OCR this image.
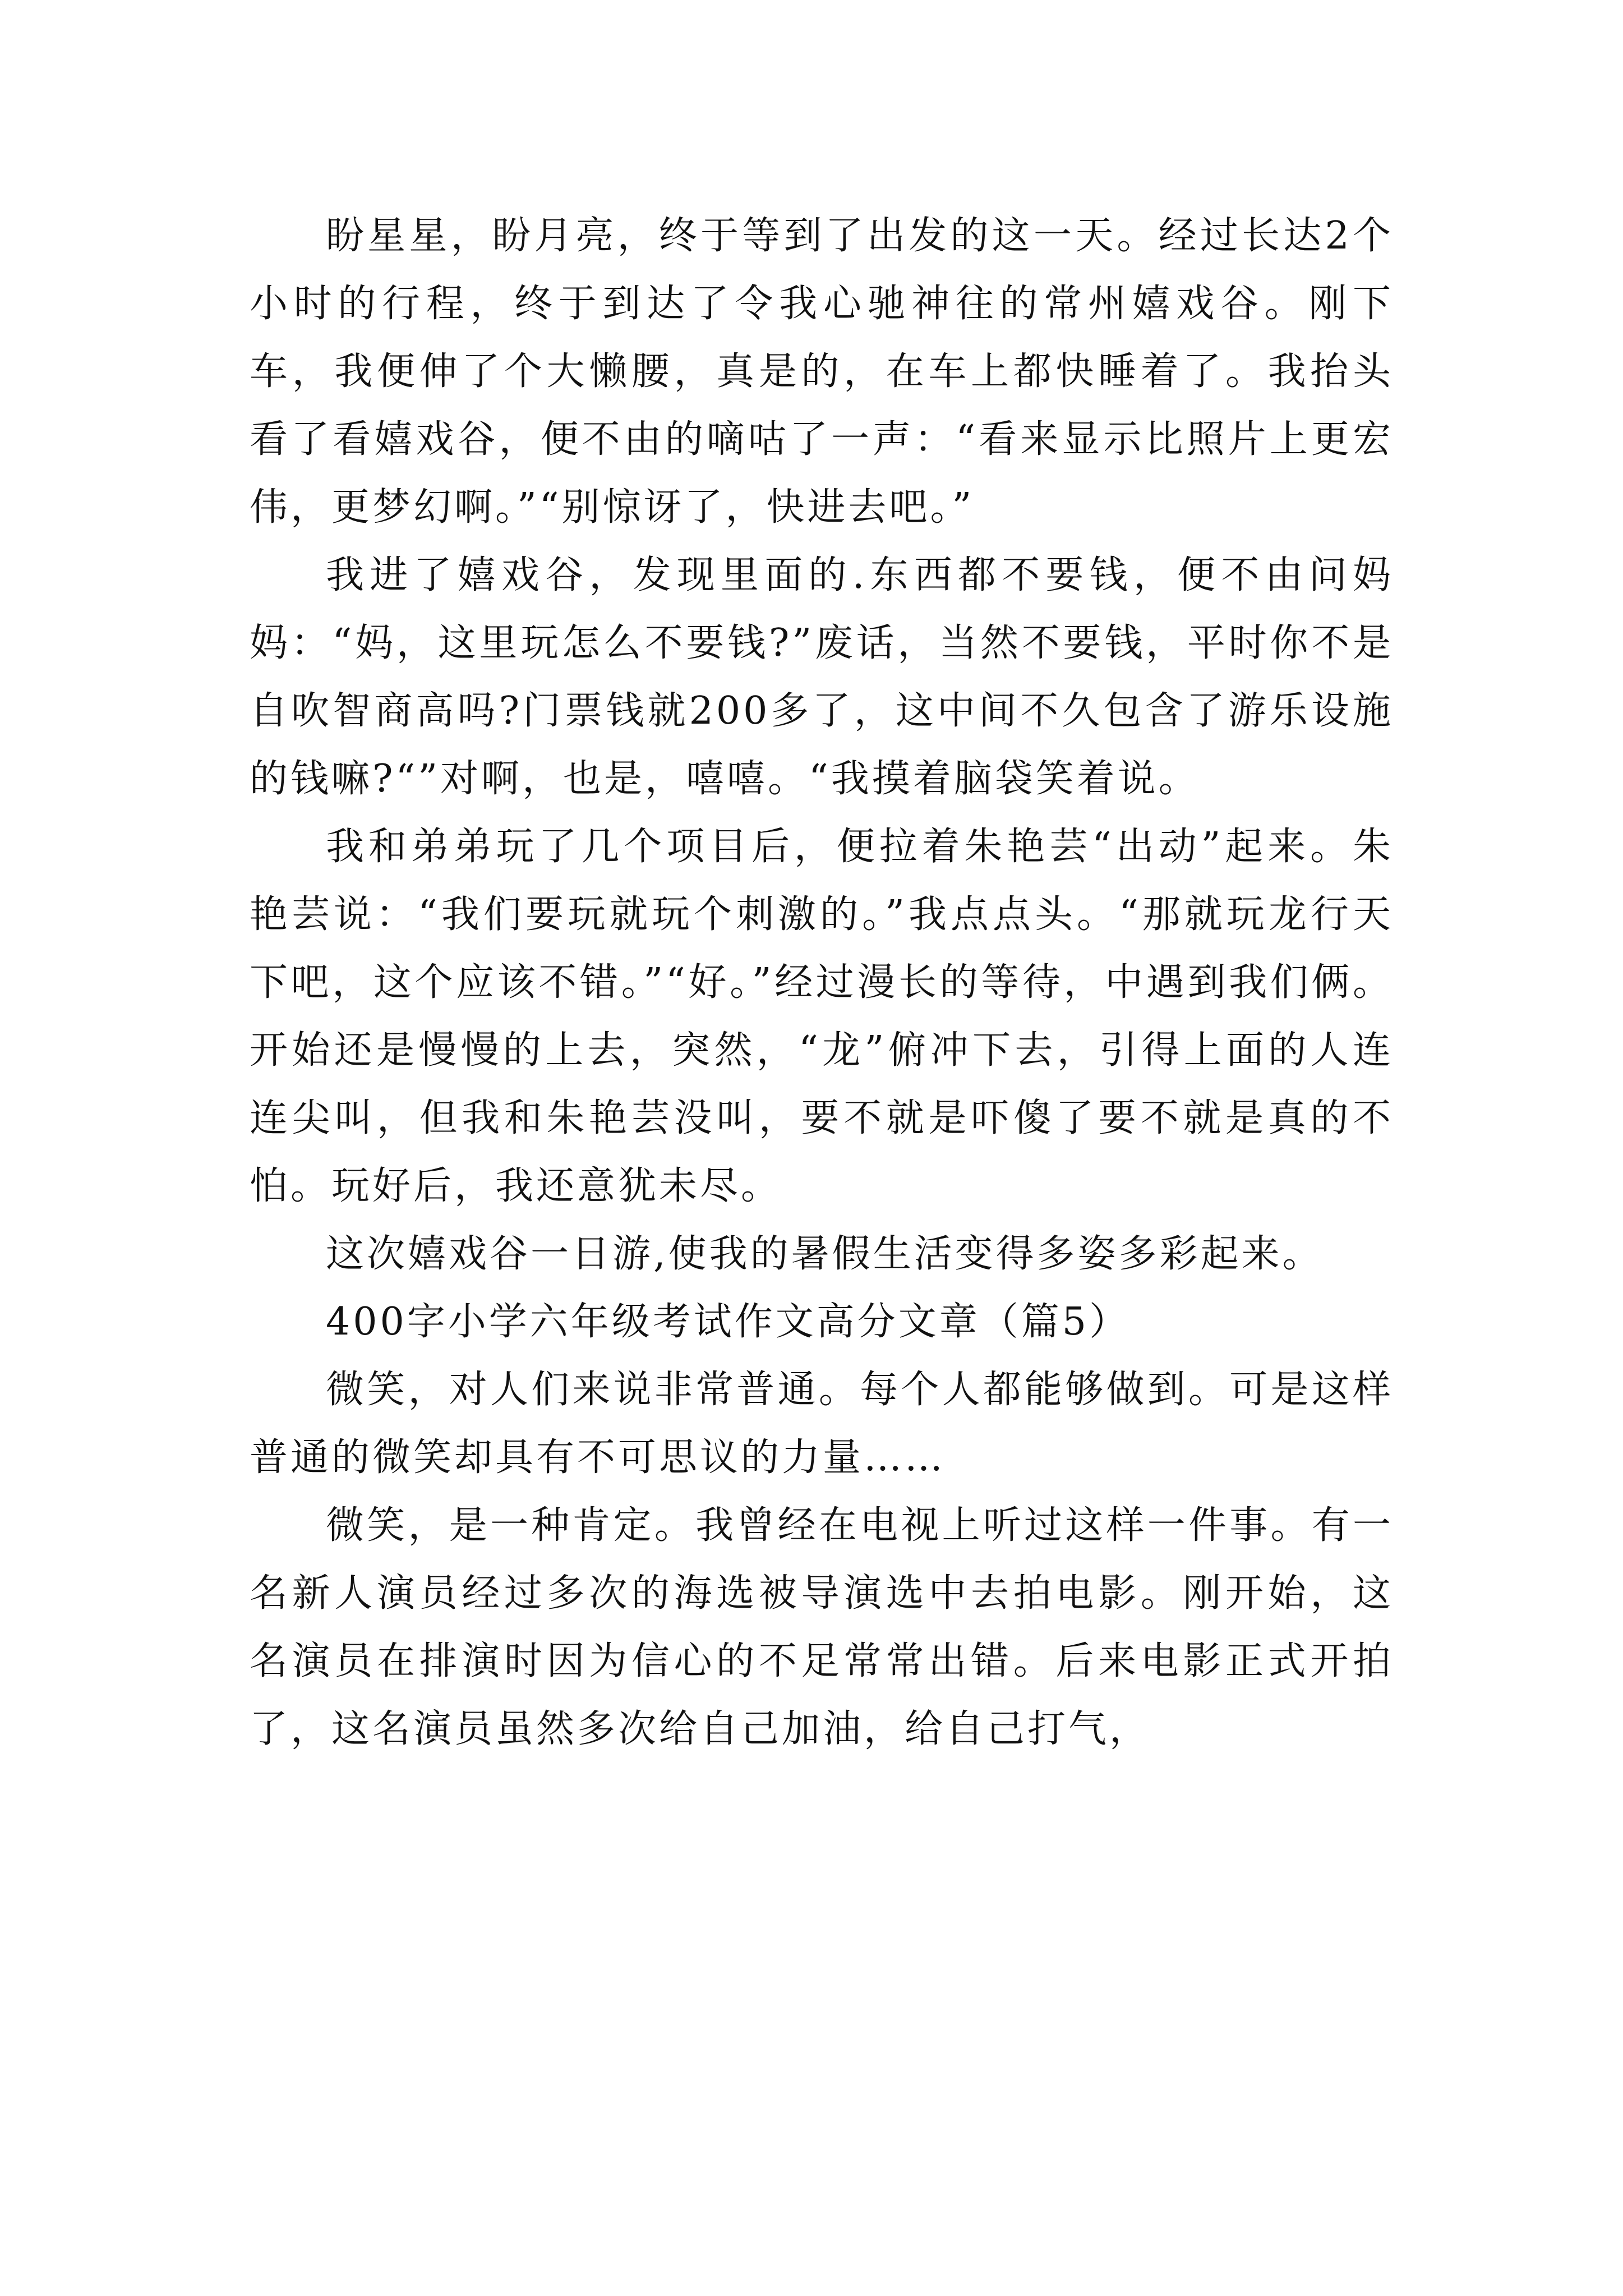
盼星星，盼月亮，终于等到了出发的这一天。经过长达2个小时的行程，终于到达了令我心驰神往的常州嬉戏谷。刚下车，我便伸了个大懒腰，真是的，在车上都快睡着了。我抬头看了看嬉戏谷，便不由的嘀咕了一声：“看来显示比照片上更宏伟，更梦幻啊。”“别惊讶了，快进去吧。”

我进了嬉戏谷，发现里面的.东西都不要钱，便不由问妈妈：“妈，这里玩怎么不要钱?”废话，当然不要钱，平时你不是自吹智商高吗?门票钱就200多了，这中间不久包含了游乐设施的钱嘛?“”对啊，也是，嘻嘻。“我摸着脑袋笑着说。

我和弟弟玩了几个项目后，便拉着朱艳芸“出动”起来。朱艳芸说：“我们要玩就玩个刺激的。”我点点头。“那就玩龙行天下吧，这个应该不错。”“好。”经过漫长的等待，中遇到我们俩。开始还是慢慢的上去，突然，“龙”俯冲下去，引得上面的人连连尖叫，但我和朱艳芸没叫，要不就是吓傻了要不就是真的不怕。玩好后，我还意犹未尽。

这次嬉戏谷一日游,使我的暑假生活变得多姿多彩起来。

400字小学六年级考试作文高分文章（篇5）

微笑，对人们来说非常普通。每个人都能够做到。可是这样普通的微笑却具有不可思议的力量……

微笑，是一种肯定。我曾经在电视上听过这样一件事。有一名新人演员经过多次的海选被导演选中去拍电影。刚开始，这名演员在排演时因为信心的不足常常出错。后来电影正式开拍了，这名演员虽然多次给自己加油，给自己打气，
